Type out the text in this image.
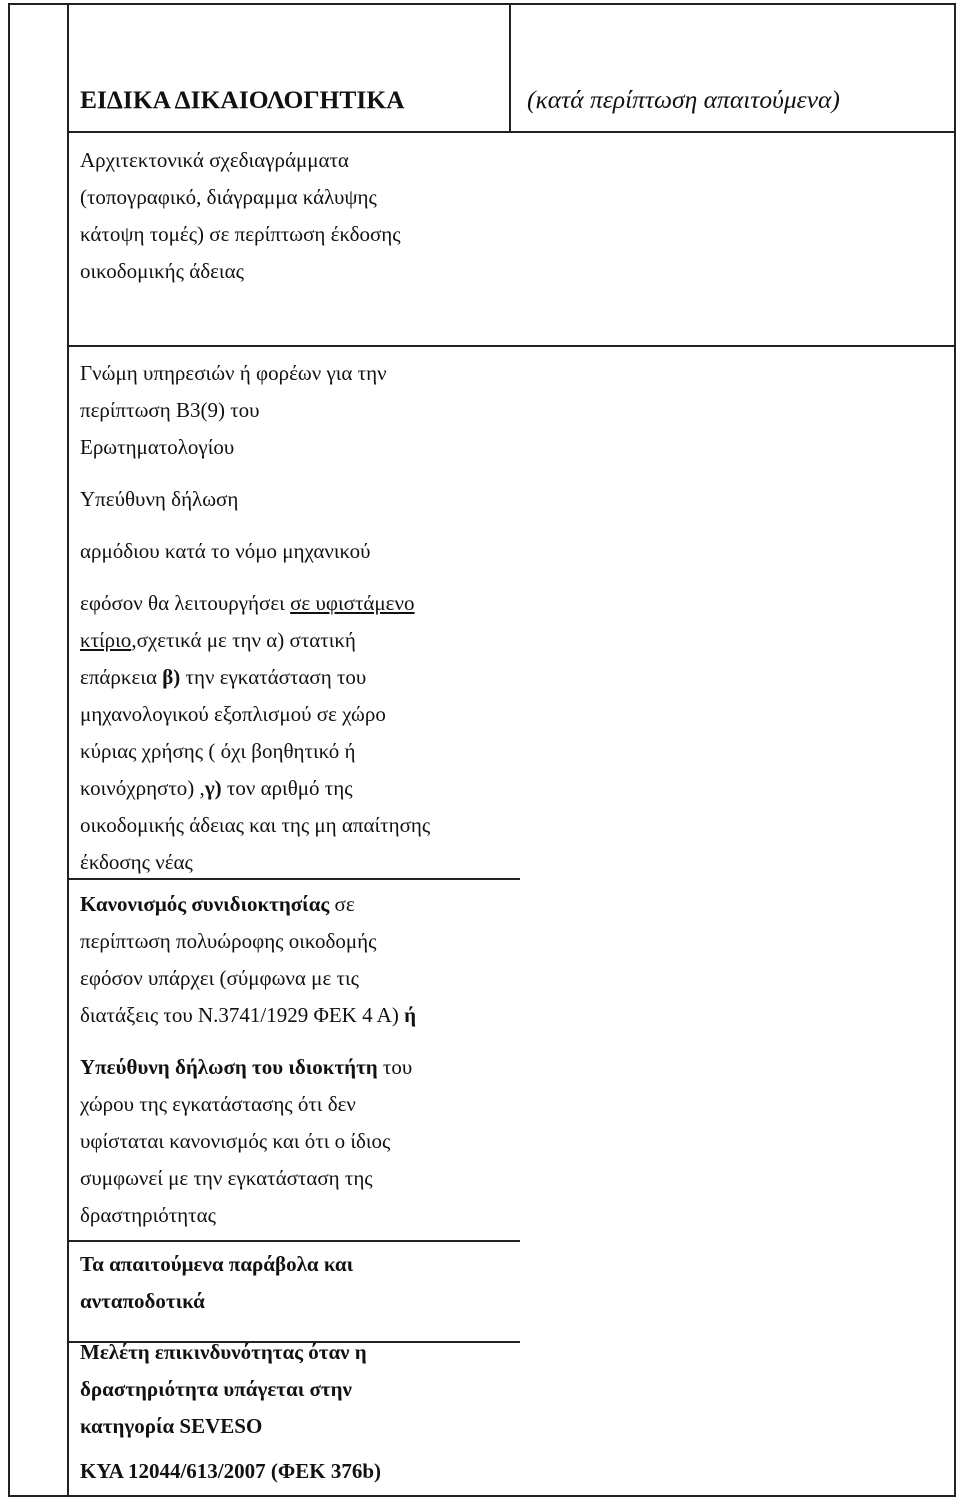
ΕΙΔΙΚΑ ΔΙΚΑΙΟΛΟΓΗΤΙΚΑ	(κατά περίπτωση απαιτούμενα)
Αρχιτεκτονικά σχεδιαγράμματα
(τοπογραφικό, διάγραμμα κάλυψης
κάτοψη τομές) σε περίπτωση έκδοσης
οικοδομικής άδειας
Γνώμη υπηρεσιών ή φορέων για την
περίπτωση Β3(9) του
Ερωτηματολογίου
Υπεύθυνη δήλωση
αρμόδιου κατά το νόμο μηχανικού
εφόσον θα λειτουργήσει σε υφιστάμενο
κτίριο,σχετικά με την α) στατική
επάρκεια β) την εγκατάσταση του
μηχανολογικού εξοπλισμού σε χώρο
κύριας χρήσης ( όχι βοηθητικό ή
κοινόχρηστο) ,γ) τον αριθμό της
οικοδομικής άδειας και της μη απαίτησης
έκδοσης νέας
Κανονισμός συνιδιοκτησίας σε
περίπτωση πολυώροφης οικοδομής
εφόσον υπάρχει (σύμφωνα με τις
διατάξεις του Ν.3741/1929 ΦΕΚ 4 Α) ή
Υπεύθυνη δήλωση του ιδιοκτήτη του
χώρου της εγκατάστασης ότι δεν
υφίσταται κανονισμός και ότι ο ίδιος
συμφωνεί με την εγκατάσταση της
δραστηριότητας
Τα απαιτούμενα παράβολα και
ανταποδοτικά
Μελέτη επικινδυνότητας όταν η
δραστηριότητα υπάγεται στην
κατηγορία SEVESO
ΚΥΑ 12044/613/2007 (ΦΕΚ 376b)
